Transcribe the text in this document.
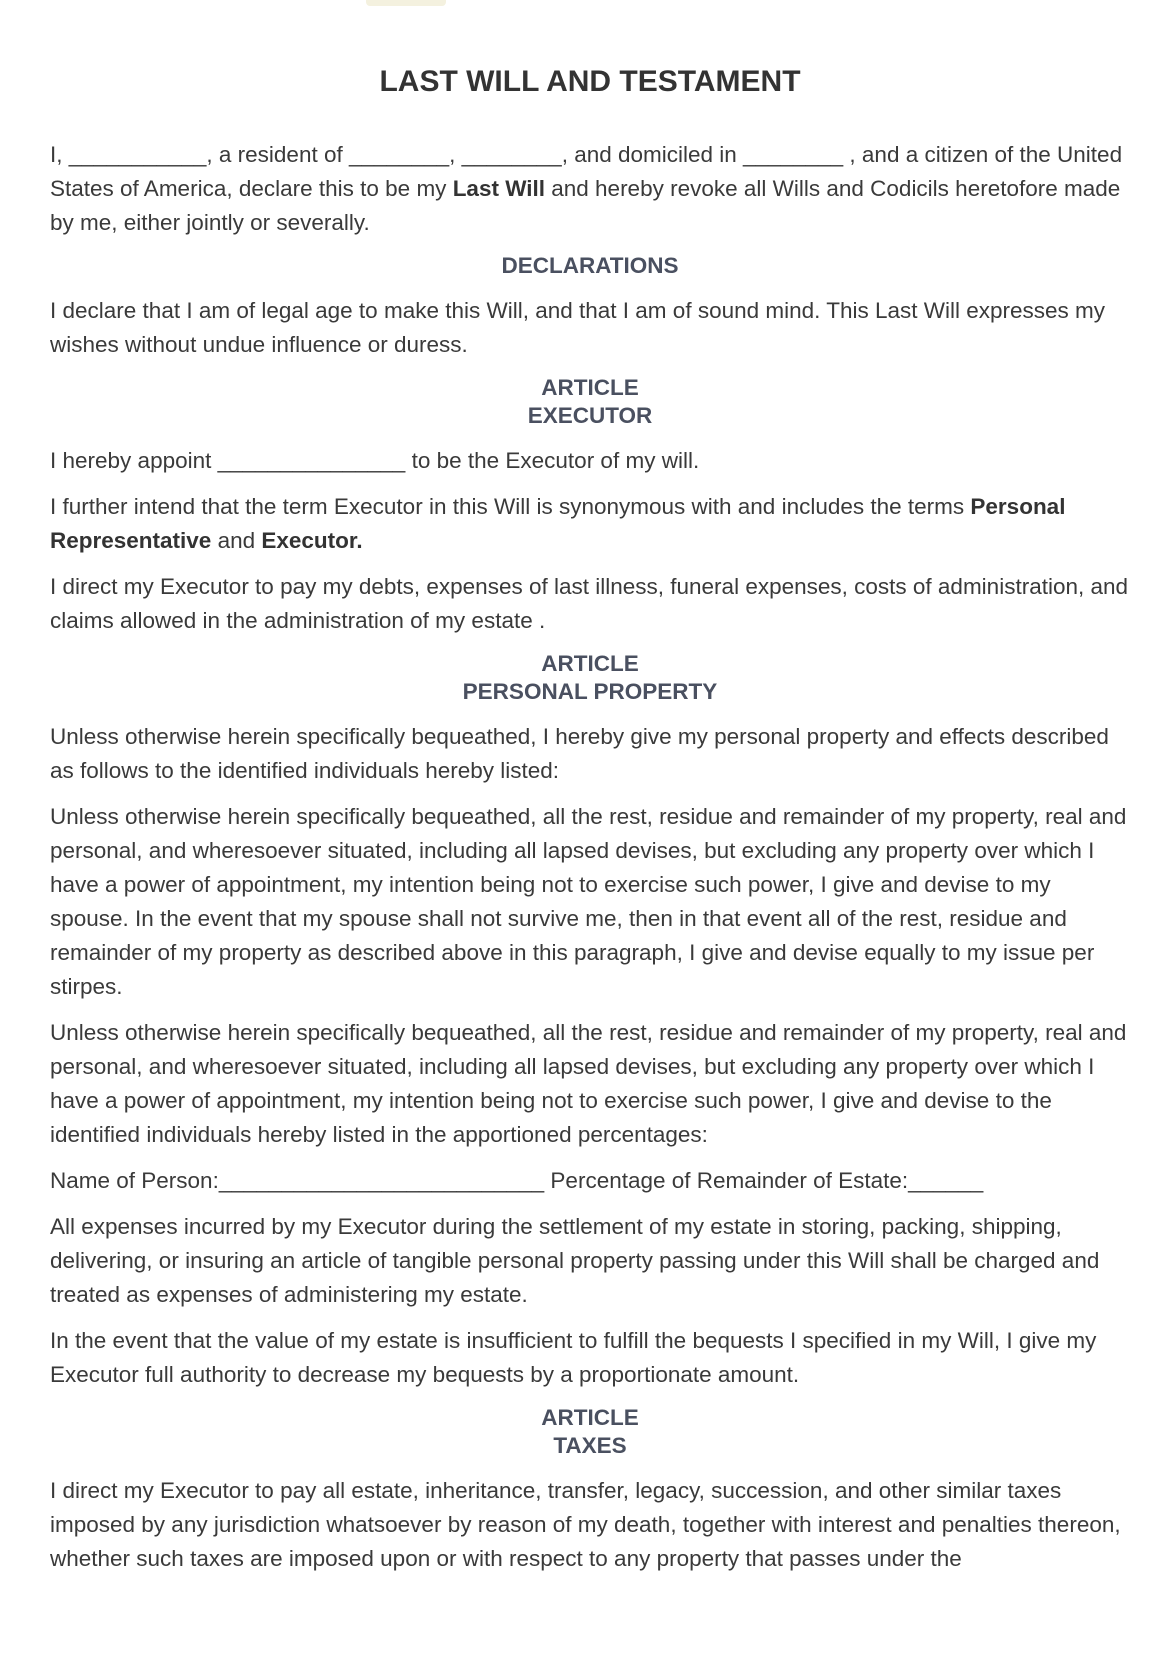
LAST WILL AND TESTAMENT

I, ___________, a resident of ________, ________, and domiciled in ________ , and a citizen of the United States of America, declare this to be my Last Will and hereby revoke all Wills and Codicils heretofore made by me, either jointly or severally.

DECLARATIONS

I declare that I am of legal age to make this Will, and that I am of sound mind. This Last Will expresses my wishes without undue influence or duress.

ARTICLE
EXECUTOR

I hereby appoint _______________ to be the Executor of my will.

I further intend that the term Executor in this Will is synonymous with and includes the terms Personal Representative and Executor.

I direct my Executor to pay my debts, expenses of last illness, funeral expenses, costs of administration, and claims allowed in the administration of my estate .

ARTICLE
PERSONAL PROPERTY

Unless otherwise herein specifically bequeathed, I hereby give my personal property and effects described as follows to the identified individuals hereby listed:

Unless otherwise herein specifically bequeathed, all the rest, residue and remainder of my property, real and personal, and wheresoever situated, including all lapsed devises, but excluding any property over which I have a power of appointment, my intention being not to exercise such power, I give and devise to my spouse. In the event that my spouse shall not survive me, then in that event all of the rest, residue and remainder of my property as described above in this paragraph, I give and devise equally to my issue per stirpes.

Unless otherwise herein specifically bequeathed, all the rest, residue and remainder of my property, real and personal, and wheresoever situated, including all lapsed devises, but excluding any property over which I have a power of appointment, my intention being not to exercise such power, I give and devise to the identified individuals hereby listed in the apportioned percentages:

Name of Person:__________________________ Percentage of Remainder of Estate:______

All expenses incurred by my Executor during the settlement of my estate in storing, packing, shipping, delivering, or insuring an article of tangible personal property passing under this Will shall be charged and treated as expenses of administering my estate.

In the event that the value of my estate is insufficient to fulfill the bequests I specified in my Will, I give my Executor full authority to decrease my bequests by a proportionate amount.

ARTICLE
TAXES

I direct my Executor to pay all estate, inheritance, transfer, legacy, succession, and other similar taxes imposed by any jurisdiction whatsoever by reason of my death, together with interest and penalties thereon, whether such taxes are imposed upon or with respect to any property that passes under the
